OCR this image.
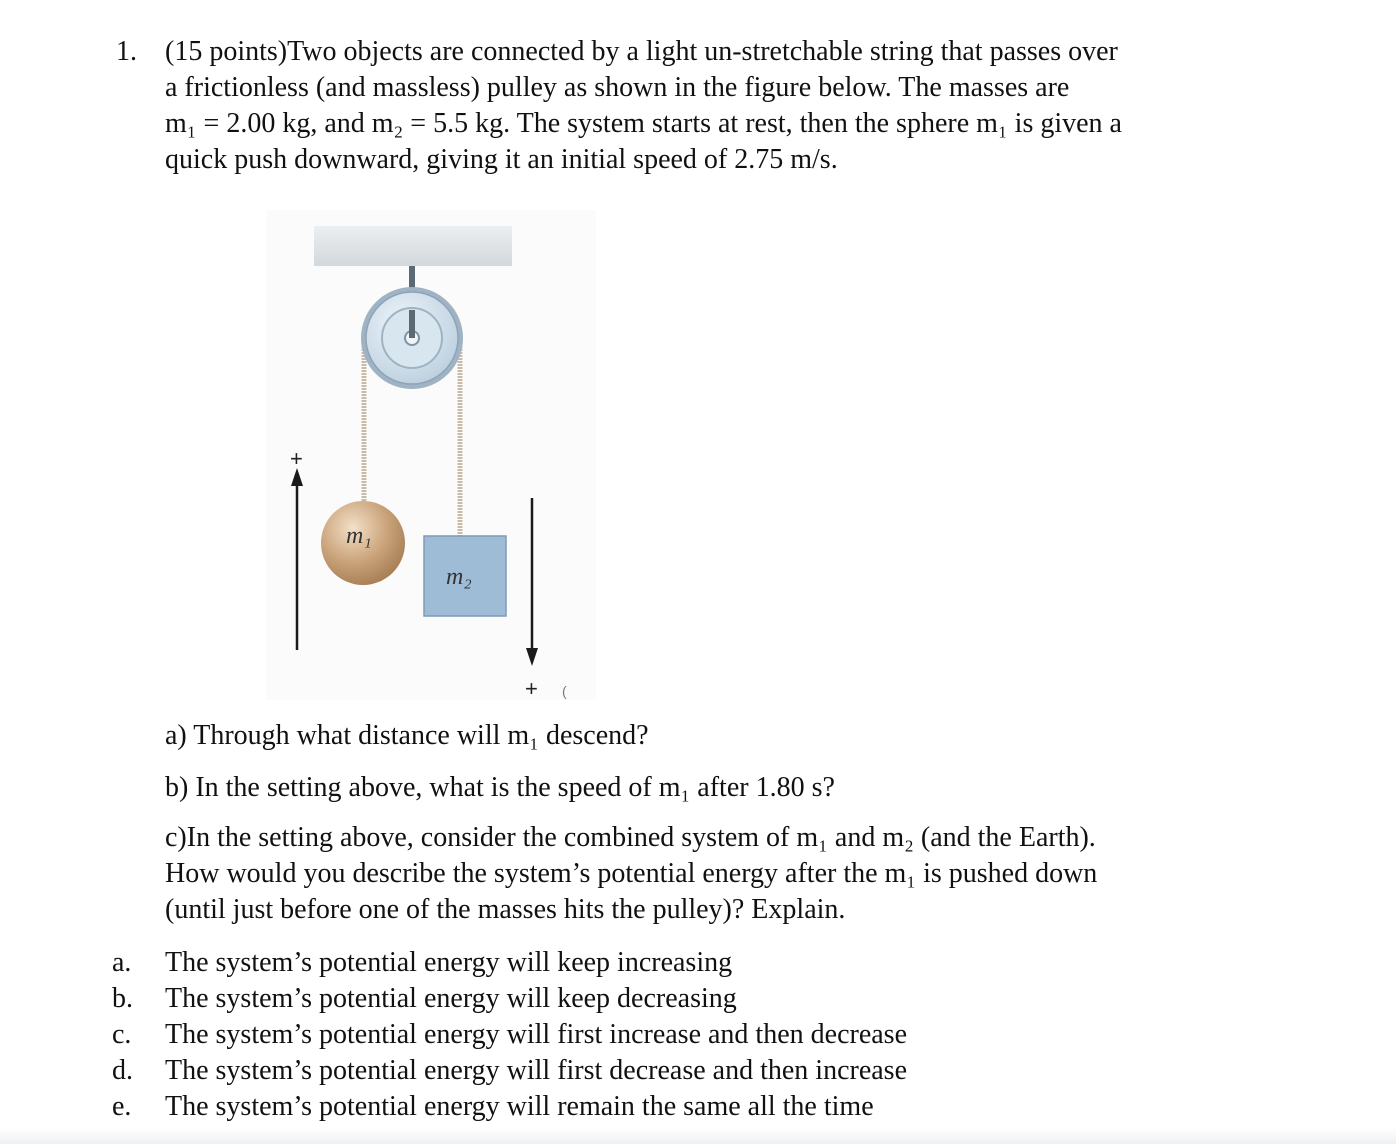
1. (15 points)Two objects are connected by a light un-stretchable string that passes over
a frictionless (and massless) pulley as shown in the figure below. The masses are
m₁ = 2.00 kg, and m₂ = 5.5 kg. The system starts at rest, then the sphere m₁ is given a
quick push downward, giving it an initial speed of 2.75 m/s.
m₁
m₂
+
+ (
a) Through what distance will m₁ descend?
b) In the setting above, what is the speed of m₁ after 1.80 s?
c)In the setting above, consider the combined system of m₁ and m₂ (and the Earth).
How would you describe the system’s potential energy after the m₁ is pushed down
(until just before one of the masses hits the pulley)? Explain.
a.	The system’s potential energy will keep increasing
b.	The system’s potential energy will keep decreasing
c.	The system’s potential energy will first increase and then decrease
d.	The system’s potential energy will first decrease and then increase
e.	The system’s potential energy will remain the same all the time
